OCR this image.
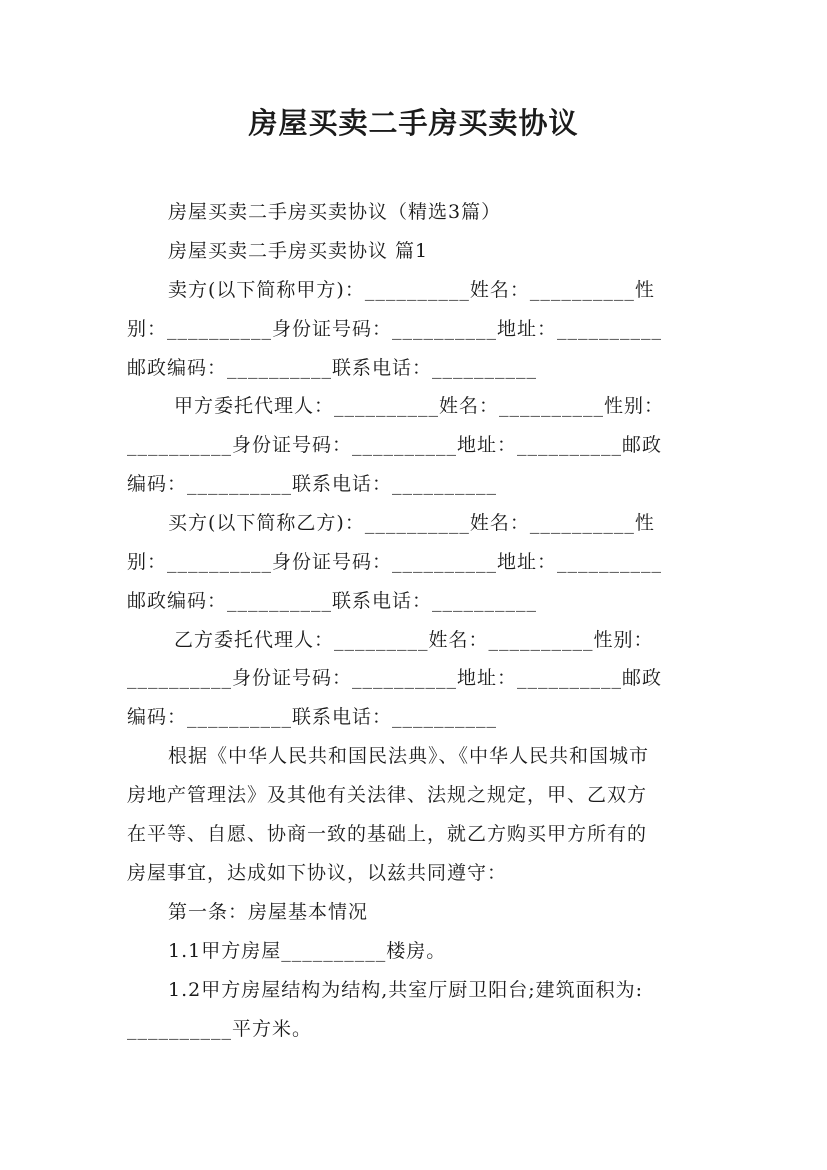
房屋买卖二手房买卖协议
房屋买卖二手房买卖协议（精选3篇）
房屋买卖二手房买卖协议 篇1
卖方(以下简称甲方)：__________姓名：__________性
别：__________身份证号码：__________地址：__________
邮政编码：__________联系电话：__________
甲方委托代理人：__________姓名：__________性别：
__________身份证号码：__________地址：__________邮政
编码：__________联系电话：__________
买方(以下简称乙方)：__________姓名：__________性
别：__________身份证号码：__________地址：__________
邮政编码：__________联系电话：__________
乙方委托代理人：_________姓名：__________性别：
__________身份证号码：__________地址：__________邮政
编码：__________联系电话：__________
根据《中华人民共和国民法典》、《中华人民共和国城市
房地产管理法》及其他有关法律、法规之规定，甲、乙双方
在平等、自愿、协商一致的基础上，就乙方购买甲方所有的
房屋事宜，达成如下协议，以兹共同遵守：
第一条：房屋基本情况
1.1甲方房屋__________楼房。
1.2甲方房屋结构为结构,共室厅厨卫阳台;建筑面积为:
__________平方米。
